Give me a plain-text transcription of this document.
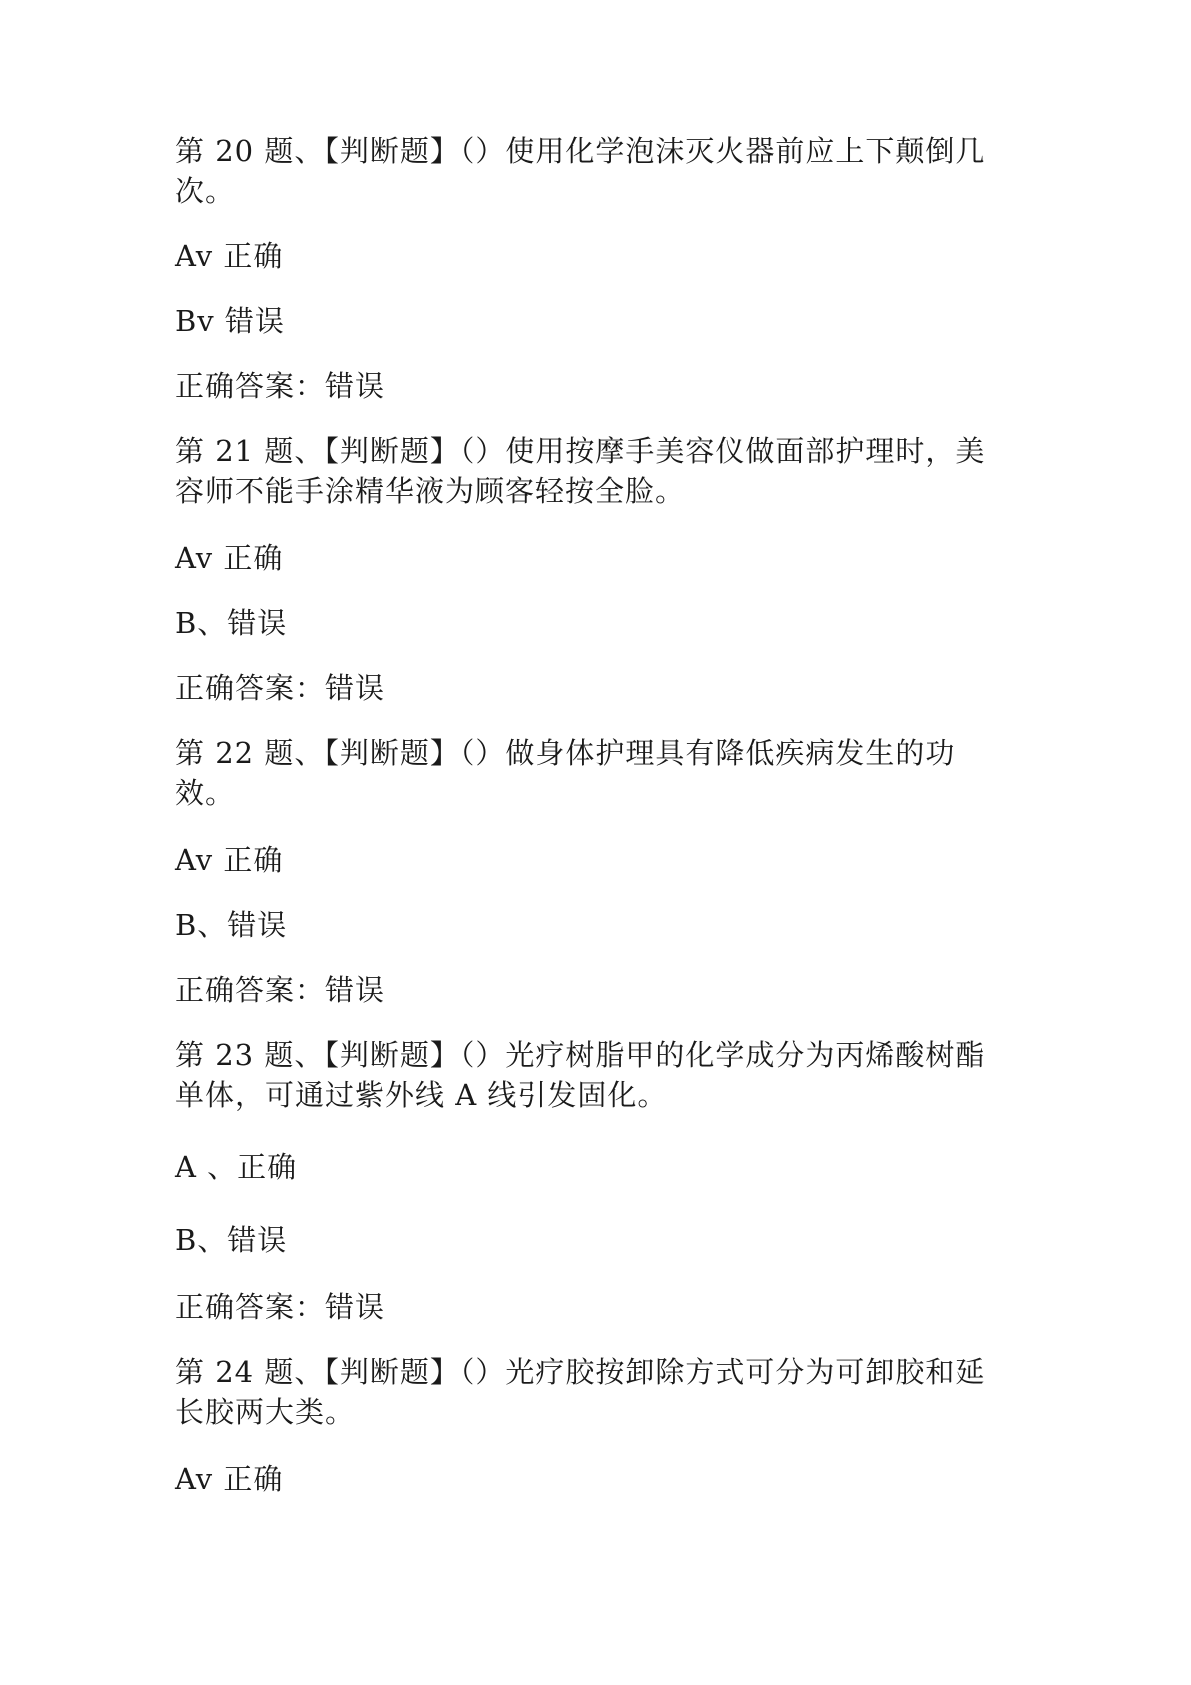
第 20 题、【判断题】（）使用化学泡沫灭火器前应上下颠倒几
次。
Av 正确
Bv 错误
正确答案：错误
第 21 题、【判断题】（）使用按摩手美容仪做面部护理时，美
容师不能手涂精华液为顾客轻按全脸。
Av 正确
B、错误
正确答案：错误
第 22 题、【判断题】（）做身体护理具有降低疾病发生的功
效。
Av 正确
B、错误
正确答案：错误
第 23 题、【判断题】（）光疗树脂甲的化学成分为丙烯酸树酯
单体，可通过紫外线 A 线引发固化。
A 、正确
B、错误
正确答案：错误
第 24 题、【判断题】（）光疗胶按卸除方式可分为可卸胶和延
长胶两大类。
Av 正确
